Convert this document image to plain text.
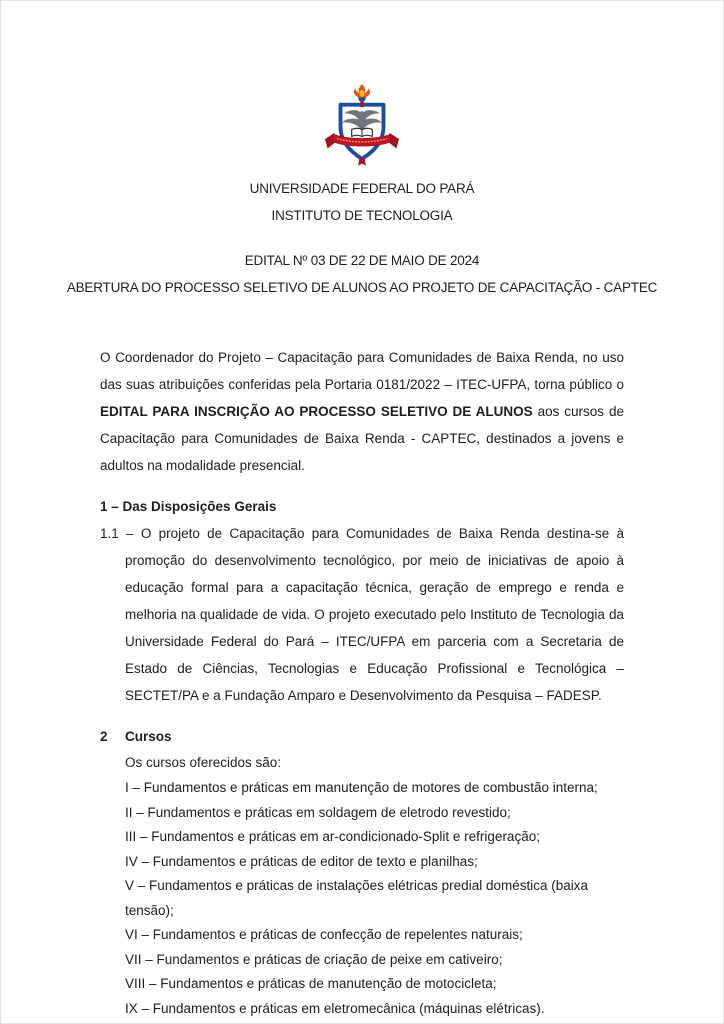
UNIVERSIDADE FEDERAL DO PARÁ
INSTITUTO DE TECNOLOGIA
EDITAL Nº 03 DE 22 DE MAIO DE 2024
ABERTURA DO PROCESSO SELETIVO DE ALUNOS AO PROJETO DE CAPACITAÇÃO - CAPTEC

O Coordenador do Projeto – Capacitação para Comunidades de Baixa Renda, no uso das suas atribuições conferidas pela Portaria 0181/2022 – ITEC-UFPA, torna público o EDITAL PARA INSCRIÇÃO AO PROCESSO SELETIVO DE ALUNOS aos cursos de Capacitação para Comunidades de Baixa Renda - CAPTEC, destinados a jovens e adultos na modalidade presencial.

1 – Das Disposições Gerais

1.1 – O projeto de Capacitação para Comunidades de Baixa Renda destina-se à promoção do desenvolvimento tecnológico, por meio de iniciativas de apoio à educação formal para a capacitação técnica, geração de emprego e renda e melhoria na qualidade de vida. O projeto executado pelo Instituto de Tecnologia da Universidade Federal do Pará – ITEC/UFPA em parceria com a Secretaria de Estado de Ciências, Tecnologias e Educação Profissional e Tecnológica – SECTET/PA e a Fundação Amparo e Desenvolvimento da Pesquisa – FADESP.

2 Cursos
Os cursos oferecidos são:
I – Fundamentos e práticas em manutenção de motores de combustão interna;
II – Fundamentos e práticas em soldagem de eletrodo revestido;
III – Fundamentos e práticas em ar-condicionado-Split e refrigeração;
IV – Fundamentos e práticas de editor de texto e planilhas;
V – Fundamentos e práticas de instalações elétricas predial doméstica (baixa tensão);
VI – Fundamentos e práticas de confecção de repelentes naturais;
VII – Fundamentos e práticas de criação de peixe em cativeiro;
VIII – Fundamentos e práticas de manutenção de motocicleta;
IX – Fundamentos e práticas em eletromecânica (máquinas elétricas).
